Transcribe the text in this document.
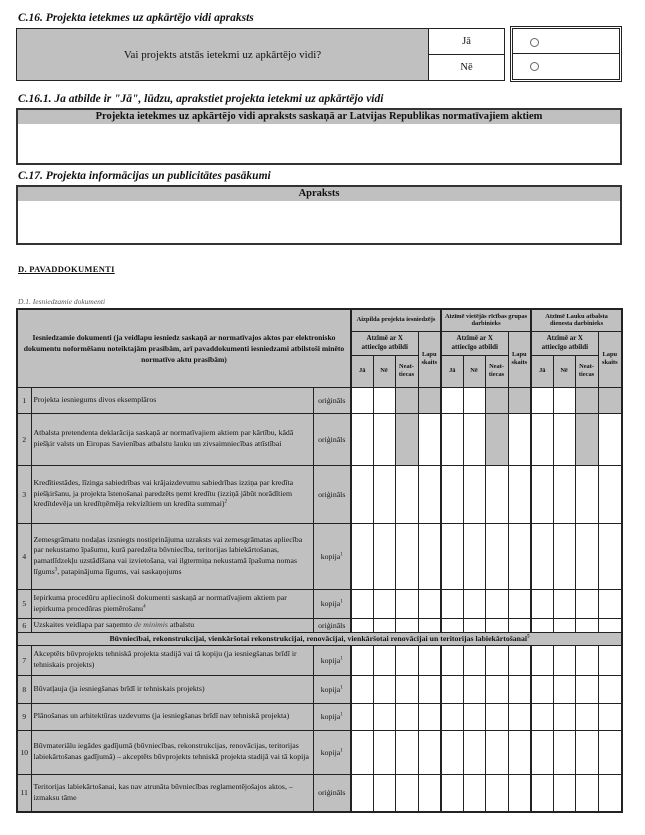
C.16. Projekta ietekmes uz apkārtējo vidi apraksts
Vai projekts atstās ietekmi uz apkārtējo vidi?	Jā
Nē
C.16.1. Ja atbilde ir "Jā", lūdzu, aprakstiet projekta ietekmi uz apkārtējo vidi
Projekta ietekmes uz apkārtējo vidi apraksts saskaņā ar Latvijas Republikas normatīvajiem aktiem
C.17. Projekta informācijas un publicitātes pasākumi
Apraksts
D. PAVADDOKUMENTI
D.1. Iesniedzamie dokumenti
Iesniedzamie dokumenti (ja veidlapu iesniedz saskaņā ar normatīvajos aktos par elektronisko dokumentu noformēšanu noteiktajām prasībām, arī pavaddokumenti iesniedzami atbilstoši minēto normatīvo aktu prasībām)			Aizpilda projekta iesniedzējs				Atzīmē vietējās rīcības grupas darbinieks				Atzīmē Lauku atbalsta dienesta darbinieks			
			Atzīmē ar X attiecīgo atbildi			Lapu skaits	Atzīmē ar X attiecīgo atbildi			Lapu skaits	Atzīmē ar X attiecīgo atbildi			Lapu skaits
			Jā	Nē	Neat-tiecas		Jā	Nē	Neat-tiecas		Jā	Nē	Neat-tiecas	
1	Projekta iesniegums divos eksemplāros	oriģināls												
2	Atbalsta pretendenta deklarācija saskaņā ar normatīvajiem aktiem par kārtību, kādā piešķir valsts un Eiropas Savienības atbalstu lauku un zivsaimniecības attīstībai	oriģināls												
3	Kredītiestādes, līzinga sabiedrības vai krājaizdevumu sabiedrības izziņa par kredīta piešķiršanu, ja projekta īstenošanai paredzēts ņemt kredītu (izziņā jābūt norādītiem kredītdevēja un kredītņēmēja rekvizītiem un kredīta summai)$^2$	oriģināls												
4	Zemesgrāmatu nodaļas izsniegts nostiprinājuma uzraksts vai zemesgrāmatas apliecība par nekustamo īpašumu, kurā paredzēta būvniecība, teritorijas labiekārtošanas, pamatlīdzekļu uzstādīšana vai izvietošana, vai ilgtermiņa nekustamā īpašuma nomas līgums$^3$, patapinājuma līgums, vai saskaņojums	kopija$^1$												
5	Iepirkuma procedūru apliecinoši dokumenti saskaņā ar normatīvajiem aktiem par iepirkuma procedūras piemērošanu$^4$	kopija$^1$												
6	Uzskaites veidlapa par saņemto de minimis atbalstu	oriģināls												
Būvniecībai, rekonstrukcijai, vienkāršotai rekonstrukcijai, renovācijai, vienkāršotai renovācijai un teritorijas labiekārtošanai$^5$
7	Akceptēts būvprojekts tehniskā projekta stadijā vai tā kopiju (ja iesniegšanas brīdī ir tehniskais projekts)	kopija$^1$												
8	Būvatļauja (ja iesniegšanas brīdī ir tehniskais projekts)	kopija$^1$												
9	Plānošanas un arhitektūras uzdevums (ja iesniegšanas brīdī nav tehniskā projekta)	kopija$^1$												
10	Būvmateriālu iegādes gadījumā (būvniecības, rekonstrukcijas, renovācijas, teritorijas labiekārtošanas gadījumā) – akceptēts būvprojekts tehniskā projekta stadijā vai tā kopija	kopija$^1$												
11	Teritorijas labiekārtošanai, kas nav atrunāta būvniecības reglamentējošajos aktos, – izmaksu tāme	oriģināls												
